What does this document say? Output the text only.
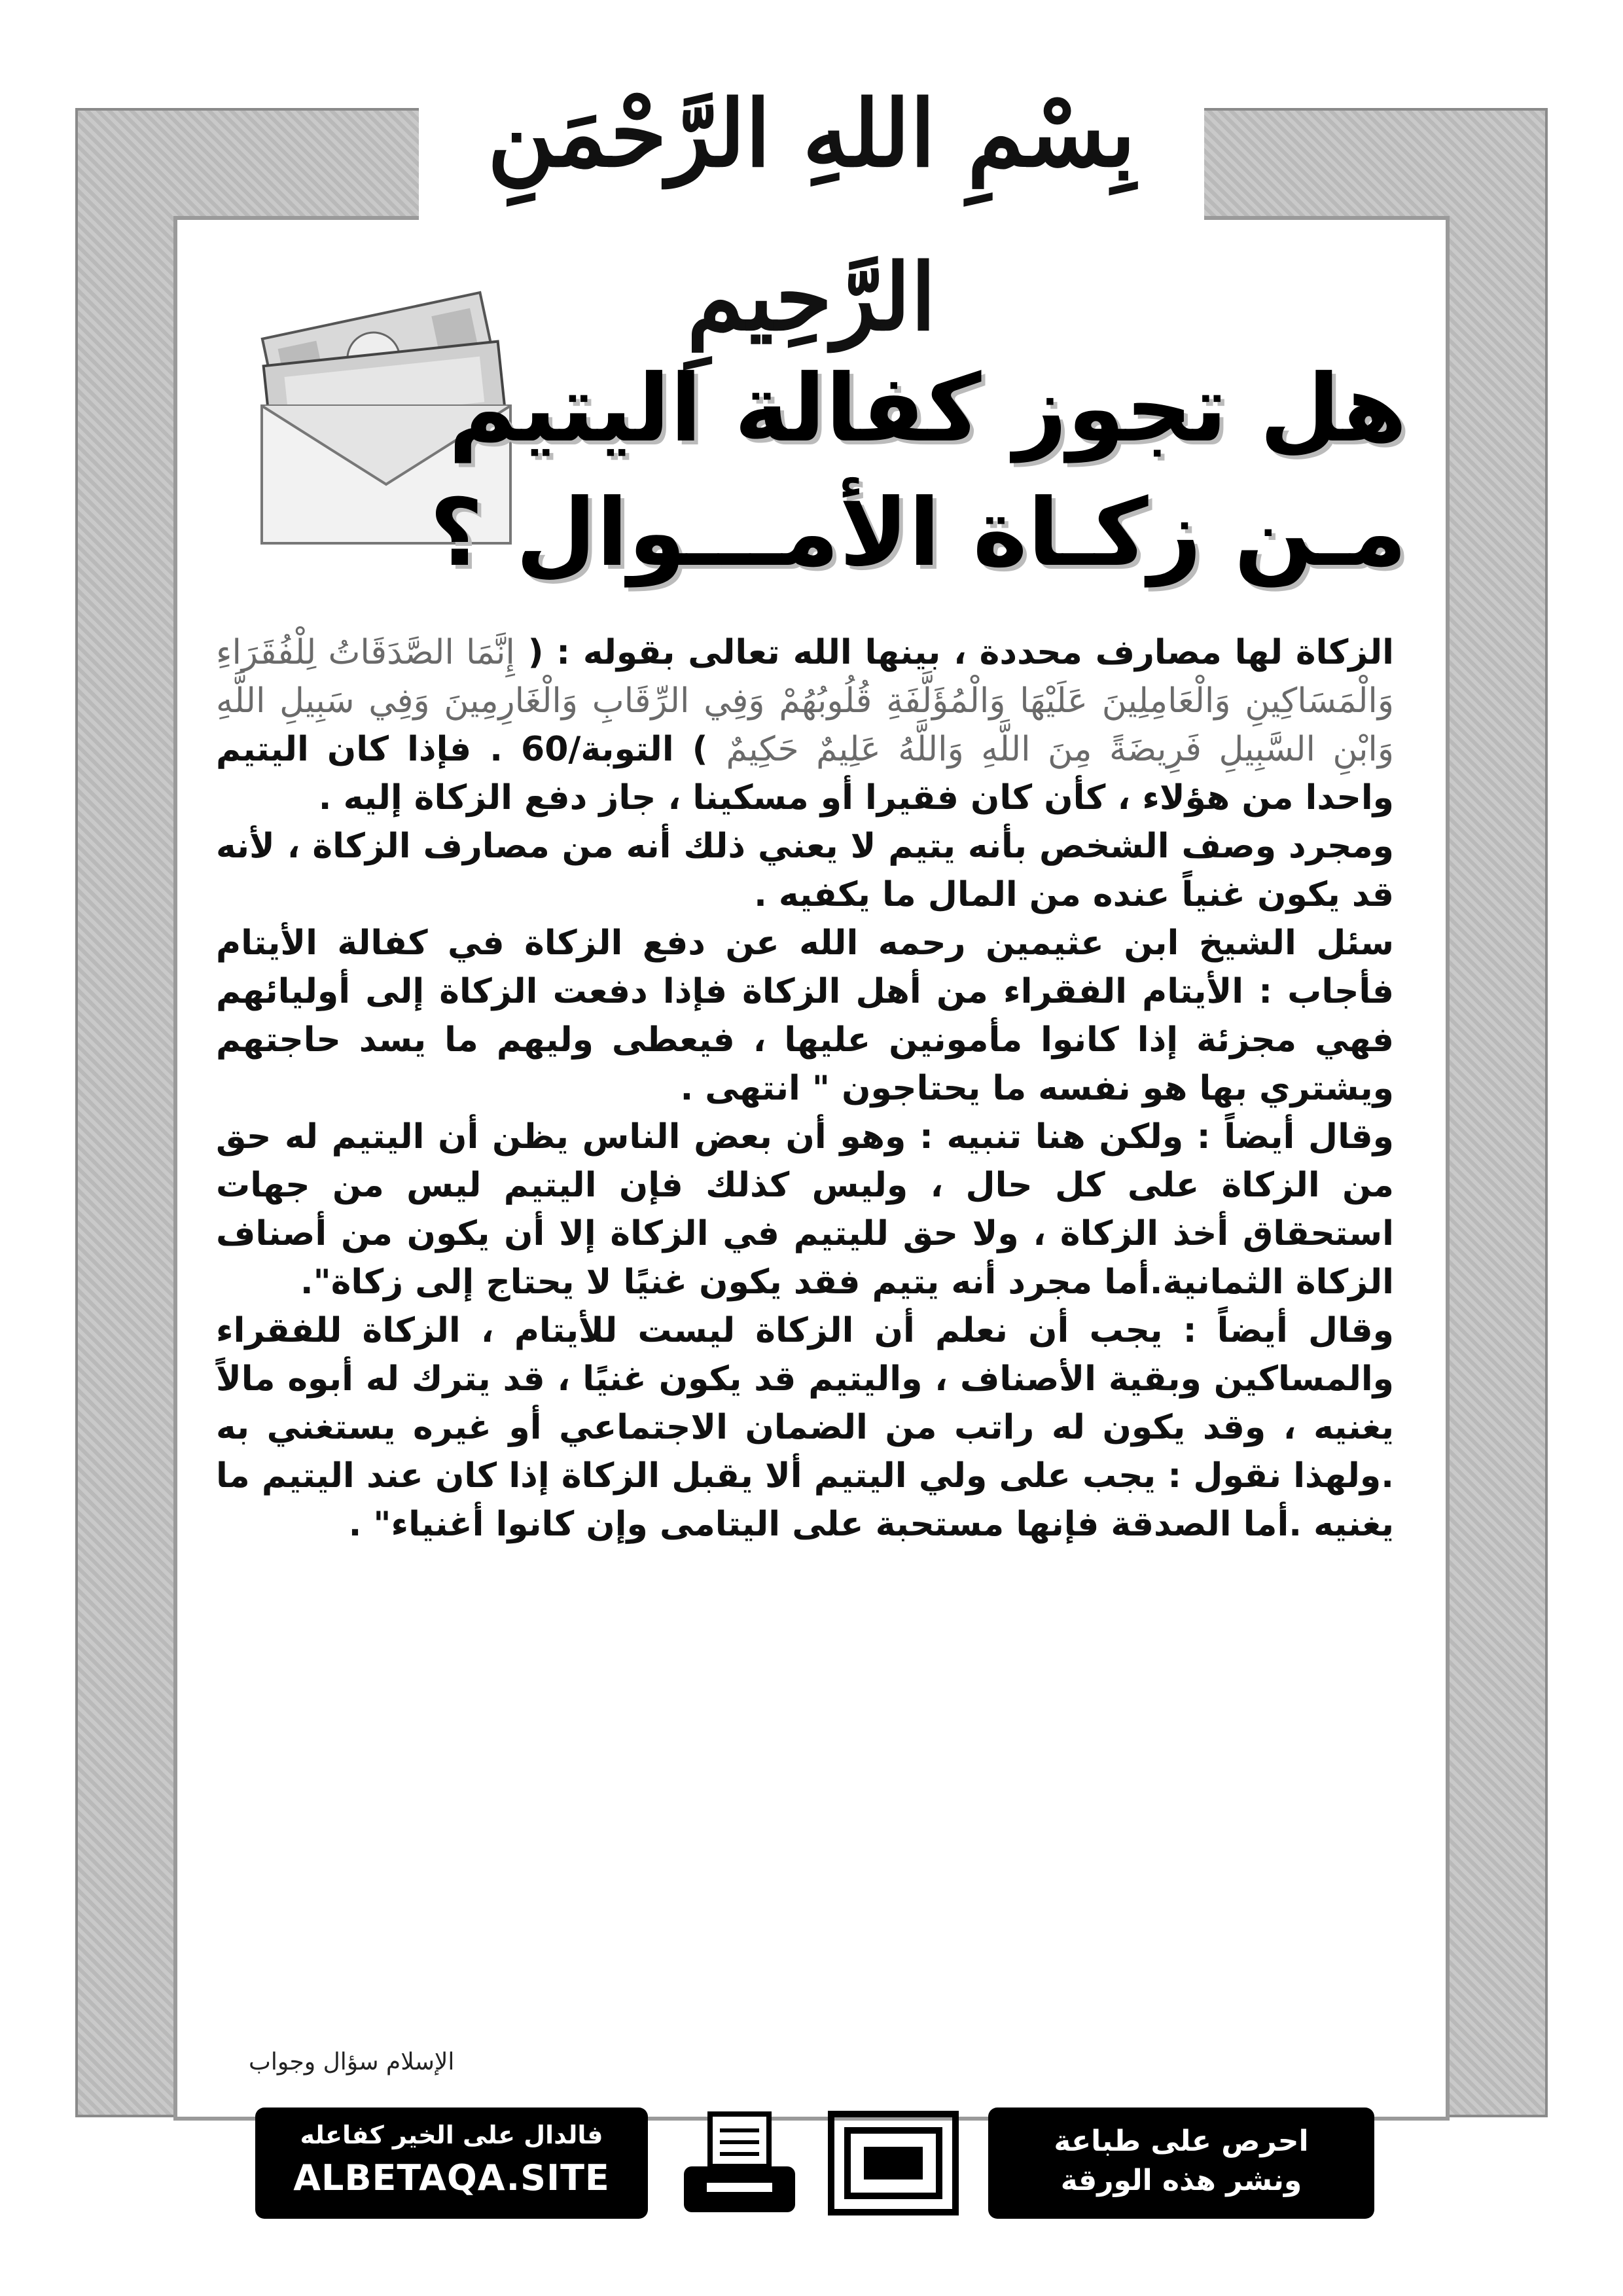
بِسْمِ اللهِ الرَّحْمَنِ الرَّحِيمِ
هل تجوز كفالة اليتيم
مـن زكـاة الأمـــوال ؟

الزكاة لها مصارف محددة ، بينها الله تعالى بقوله : ( إِنَّمَا الصَّدَقَاتُ لِلْفُقَرَاءِ وَالْمَسَاكِينِ وَالْعَامِلِينَ عَلَيْهَا وَالْمُؤَلَّفَةِ قُلُوبُهُمْ وَفِي الرِّقَابِ وَالْغَارِمِينَ وَفِي سَبِيلِ اللَّهِ وَابْنِ السَّبِيلِ فَرِيضَةً مِنَ اللَّهِ وَاللَّهُ عَلِيمٌ حَكِيمٌ ) التوبة/60 . فإذا كان اليتيم واحدا من هؤلاء ، كأن كان فقيرا أو مسكينا ، جاز دفع الزكاة إليه .

ومجرد وصف الشخص بأنه يتيم لا يعني ذلك أنه من مصارف الزكاة ، لأنه قد يكون غنياً عنده من المال ما يكفيه .

سئل الشيخ ابن عثيمين رحمه الله عن دفع الزكاة في كفالة الأيتام فأجاب : الأيتام الفقراء من أهل الزكاة فإذا دفعت الزكاة إلى أوليائهم فهي مجزئة إذا كانوا مأمونين عليها ، فيعطى وليهم ما يسد حاجتهم ويشتري بها هو نفسه ما يحتاجون " انتهى .

وقال أيضاً : ولكن هنا تنبيه : وهو أن بعض الناس يظن أن اليتيم له حق من الزكاة على كل حال ، وليس كذلك فإن اليتيم ليس من جهات استحقاق أخذ الزكاة ، ولا حق لليتيم في الزكاة إلا أن يكون من أصناف الزكاة الثمانية.أما مجرد أنه يتيم فقد يكون غنيًا لا يحتاج إلى زكاة".

وقال أيضاً : يجب أن نعلم أن الزكاة ليست للأيتام ، الزكاة للفقراء والمساكين وبقية الأصناف ، واليتيم قد يكون غنيًا ، قد يترك له أبوه مالاً يغنيه ، وقد يكون له راتب من الضمان الاجتماعي أو غيره يستغني به .ولهذا نقول : يجب على ولي اليتيم ألا يقبل الزكاة إذا كان عند اليتيم ما يغنيه .أما الصدقة فإنها مستحبة على اليتامى وإن كانوا أغنياء" .

الإسلام سؤال وجواب
فالدال على الخير كفاعله
ALBETAQA.SITE
احرص على طباعة
ونشر هذه الورقة
